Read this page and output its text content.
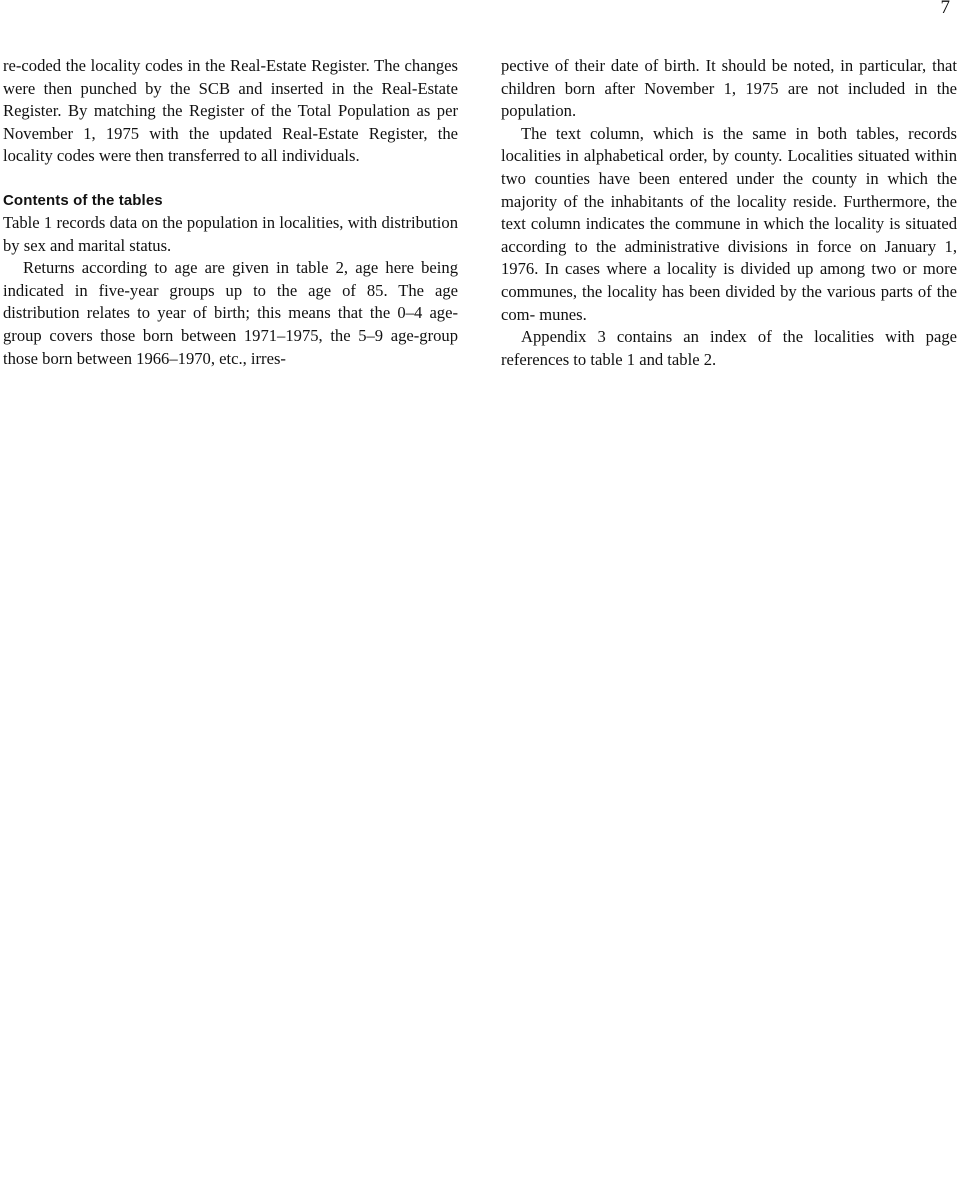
7

re-coded the locality codes in the Real-Estate Register. The changes were then punched by the SCB and inserted in the Real-Estate Register. By matching the Register of the Total Population as per November 1, 1975 with the updated Real-Estate Register, the locality codes were then transferred to all individuals.

Contents of the tables

Table 1 records data on the population in localities, with distribution by sex and marital status.

Returns according to age are given in table 2, age here being indicated in five-year groups up to the age of 85. The age distribution relates to year of birth; this means that the 0–4 age-group covers those born between 1971–1975, the 5–9 age-group those born between 1966–1970, etc., irres-

pective of their date of birth. It should be noted, in particular, that children born after November 1, 1975 are not included in the population.

The text column, which is the same in both tables, records localities in alphabetical order, by county. Localities situated within two counties have been entered under the county in which the majority of the inhabitants of the locality reside. Furthermore, the text column indicates the commune in which the locality is situated according to the administrative divisions in force on January 1, 1976. In cases where a locality is divided up among two or more communes, the locality has been divided by the various parts of the com- munes.

Appendix 3 contains an index of the localities with page references to table 1 and table 2.
